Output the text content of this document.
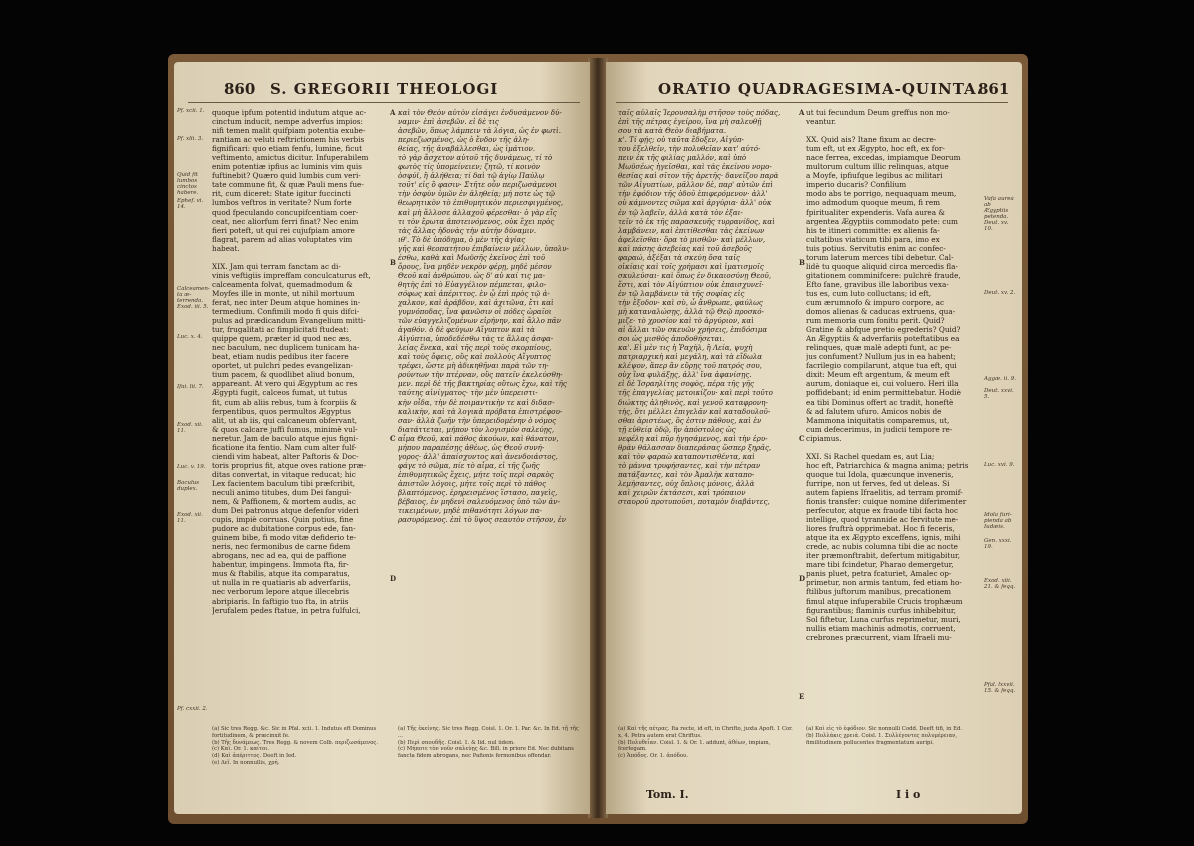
860 S. GREGORII THEOLOGI
Pf. xcii. 1.
Pf. xlii. 3.
Quid fit lumbos cinctos habere.
Ephef. vi. 14.
Calceamenta æterrenda.
Exod. iii. 5.
Luc. x. 4.
Ifai. lii. 7.
Exod. xii. 11.
Luc. v. 19.
Baculus duplex.
Exod. xii. 11.
Pf. cxxii. 2.
A
B
C
D
quoque ipfum potentid indutum atque ac-
cinctum inducit, nempe adverfus impios:
nifi temen malit quifpiam potentia exube-
rantiam ac veluti reftrictionem his verbis
fignificari: quo etiam fenfu, lumine, ficut
veftimento, amictus dicitur. Infuperabilem
enim potentiæ ipfius ac luminis vim quis
fuftinebit? Quæro quid lumbis cum veri-
tate commune fit, & quæ Pauli mens fue-
rit, cum diceret: State igitur fuccincti
lumbos veftros in veritate? Num forte
quod fpeculando concupifcentiam coer-
ceat, nec aliorfum ferri finat? Nec enim
fieri poteft, ut qui rei cujufpiam amore
flagrat, parem ad alias voluptates vim
habeat.
XIX. Jam qui terram fanctam ac di-
vinis veftigiis impreffam conculcaturus eft,
calceamenta folvat, quemadmodum &
Moyfes ille in monte, ut nihil mortuum
ferat, nec inter Deum atque homines in-
termedium. Confimili modo fi quis difci-
pulus ad prædicandum Evangelium mitti-
tur, frugalitati ac fimplicitati ftudeat:
quippe quem, præter id quod nec æs,
nec baculum, nec duplicem tunicam ha-
beat, etiam nudis pedibus iter facere
oportet, ut pulchri pedes evangelizan-
tium pacem, & quodlibet aliud bonum,
appareant. At vero qui Ægyptum ac res
Ægypti fugit, calceos fumat, ut tutus
fit, cum ab aliis rebus, tum à fcorpiis &
ferpentibus, quos permultos Ægyptus
alit, ut ab iis, qui calcaneum obfervant,
& quos calcare juffi fumus, minimè vul-
neretur. Jam de baculo atque ejus figni-
ficatione ita fentio. Nam cum alter fulf-
ciendi vim habeat, alter Paftoris & Doc-
toris proprius fit, atque oves ratione præ-
ditas convertat, in vitaque reducat; hic
Lex facientem baculum tibi præfcribit,
neculi animo titubes, dum Dei fanguì-
nem, & Paffionem, & mortem audis, ac
dum Dei patronus atque defenfor videri
cupis, impiè corruas. Quin potius, fine
pudore ac dubitatione corpus ede, fan-
guinem bibe, fi modo vitæ defiderio te-
neris, nec fermonibus de carne fidem
abrogans, nec ad ea, qui de paffione
habentur, impingens. Immota fta, fir-
mus & ftabilis, atque ita comparatus,
ut nulla in re quatiaris ab adverfariis,
nec verborum lepore atque illecebris
abripiaris. In faftigio tuo fta, in atriis
Jerufalem pedes ftatue, in petra fulfulci,
καὶ τὸν Θεὸν αὐτὸν εἰσάγει ἐνδυσάμενον δύ-
ναμιν· ἐπὶ ἀσεβῶν. εἰ δὲ τις
ἀσεβῶν, ὅπως λάμπειν τὰ λόγια, ὡς ἐν φωτὶ.
περιεζωσμένος, ὡς ὁ ἔνδον τῆς ἀλη-
θείας, τῆς ἀναβάλλεσθαι, ὡς ἱμάτιον.
τὸ γὰρ ἄσχετον αὐτοῦ τῆς δυνάμεως, τί τὸ
φωτὸς τίς ὑπομείνειεν; ζητῶ, τί κοινὸν
ὀσφύϊ, ἢ ἀλήθεια; τί δαὶ τῷ ἁγίῳ Παύλῳ
τοῦτ' εἰς ὃ φασιν· Στῆτε οὖν περιζωσάμενοι
τὴν ὀσφὺν ὑμῶν ἐν ἀληθείᾳ; μή ποτε ὡς τῷ
θεωρητικὸν τὸ ἐπιθυμητικὸν περιεσφιγμένος,
καὶ μὴ ἄλλοσε ἀλλαχοῦ φέρεσθαι· ὁ γὰρ εἴς
τι τὸν ἔρωτα ἀποτεινόμενος, οὐκ ἔχει πρὸς
τὰς ἄλλας ἡδονὰς τὴν αὐτὴν δύναμιν.
ιθ'. Τὸ δὲ ὑπόδημα, ὁ μὲν τῆς ἁγίας
γῆς καὶ θεοπατήτου ἐπιβαίνειν μέλλων, ὑπολυ-
έσθω, καθὰ καὶ Μωϋσῆς ἐκεῖνος ἐπὶ τοῦ
ὄρους, ἵνα μηδὲν νεκρὸν φέρῃ, μηδὲ μέσον
Θεοῦ καὶ ἀνθρώπου. ὡς δ' αὐ καί τις μα-
θητὴς ἐπὶ τὸ Εὐαγγέλιον πέμπεται, φιλο-
σόφως καὶ ἀπέριττος. ἐν ᾧ ἐπὶ πρὸς τῷ ἀ-
χαλκον, καὶ ἀράβδον, καὶ ἀχιτῶνα, ἔτι καὶ
γυμνόποδας, ἵνα φανῶσιν οἱ πόδες ὡραῖοι
τῶν εὐαγγελιζομένων εἰρήνην, καὶ ἄλλο πᾶν
ἀγαθόν. ὁ δὲ φεύγων Αἴγυπτον καὶ τὰ
Αἰγύπτια, ὑποδεδέσθω τὰς τε ἄλλας ἀσφα-
λείας ἕνεκα, καὶ τῆς περὶ τοὺς σκορπίους,
καὶ τοὺς ὄφεις, οὓς καὶ πολλοὺς Αἴγυπτος
τρέφει, ὥστε μὴ ἀδικηθῆναι παρὰ τῶν τη-
ρούντων τὴν πτέρναν, οὓς πατεῖν ἐκελεύσθη-
μεν. περὶ δὲ τῆς βακτηρίας οὕτως ἔχω, καὶ τῆς
ταύτης αἰνίγματος· τὴν μὲν ὑπερειστι-
κὴν οἶδα, τὴν δὲ ποιμαντικὴν τε καὶ διδασ-
καλικὴν, καὶ τὰ λογικὰ πρόβατα ἐπιστρέφου-
σαν· ἀλλὰ ζωῆν τὴν ὑπερειδομένην ὁ νόμος
διατάττεται, μήπον τὸν λογισμὸν σαλεύῃς,
αἷμα Θεοῦ, καὶ πάθος ἀκούων, καὶ θάνατον,
μήπου παραπέσῃς ἀθέως, ὡς Θεοῦ συνή-
γορος· ἀλλ' ἀπαίσχυντος καὶ ἀνενδοιάστος,
φάγε τὸ σῶμα, πίε τὸ αἷμα, εἰ τῆς ζωῆς
ἐπιθυμητικῶς ἔχεις, μήτε τοῖς περὶ σαρκὸς
ἀπιστῶν λόγοις, μήτε τοῖς περὶ τὸ πάθος
βλαπτόμενος. ἐρηρεισμένος ἵστασο, παγεὶς,
βέβαιος, ἐν μηδενὶ σαλευόμενος ὑπὸ τῶν ἀν-
τικειμένων, μηδὲ πιθανότητι λόγων πα-
ρασυρόμενος. ἐπὶ τὸ ὕψος σεαυτὸν στῆσον, ἐν
(a) Sic tres Regg. &c. Sic in Pfal. xcii. 1. Indutus eft Dominus fortitudinem, & præcinxit fe.
(b) Τῆς δυνάμεως. Tres Regg. & novem Colb. περιζωσάμενος.
(c) Καὶ. Or. 1. καίτοι.
(d) Καὶ ἀπέριττος. Deeft in Ied.
(e) Δεῖ. In nonnullis, χρή.
(a) Τῆς ἐκείνης. Sic tres Regg. Coisl. 1. Or. 1. Par. &c. In Ed. τῇ τῆς ...
(b) Περὶ σπουδῆς. Coisl. 1. & Iid. nul iidem.
(c) Μήποτε τὸν νοῦν σαλεύῃς &c. Bill. in priore Ed. Nec dubitans fancta fidem abrogans, nec Pafionis fermonibus offendar.
ORATIO QUADRAGESIMA-QUINTA.
861
A
B
C
D
E
ταῖς αὐλαῖς Ἱερουσαλὴμ στῆσον τοὺς πόδας,
ἐπὶ τῆς πέτρας ἐγείρου, ἵνα μὴ σαλευθῇ
σου τὰ κατὰ Θεὸν διαβήματα.
κ'. Τί φῄς; οὐ ταῦτα ἔδοξεν, Αἰγύπ-
του ἐξελθεῖν, τὴν πολυθεῖαν κατ' αὐτό-
πειν ἐκ τῆς φιλίας μαλλόν, καὶ ὑπὸ
Μωϋσέως ἡγεῖσθαι, καὶ τὰς ἐκείνου νομο-
θεσίας καὶ σῖτον τῆς ἀρετῆς· δανεῖζου παρὰ
τῶν Αἰγυπτίων, μᾶλλον δὲ, παρ' αὐτῶν ἐπὶ
τὴν ἐφόδιον τῆς ὁδοῦ ἐπιφερόμενον· ἀλλ'
οὐ κάμνοντες σῶμα καὶ ἀργύρια· ἀλλ' οὐκ
ἐν τῷ λαβεῖν, ἀλλὰ κατὰ τὸν ἐξαι-
τεῖν τὸ ἐκ τῆς παρασκευῆς τυρρανίδος, καὶ
λαμβάνειν, καὶ ἐπιτίθεσθαι τὰς ἐκείνων
ἀφελεῖσθαι· ὅρα τὸ μισθῶν· καὶ μέλλων,
καὶ πάσης ἀσεβείας καὶ τοῦ ἀσεβοῦς
φαραώ, ἀξέξαι τὰ σκεύη ὅσα ταῖς
οἰκίαις καὶ τοῖς χρήμασι καὶ ἱματισμοῖς
σκυλεύσαι· καὶ ὄπως ἐν δικαιοσύνῃ Θεοῦ,
ἔστι, καὶ τὸν Αἰγύπτιον οὐκ ἐπαισχυνεῖ·
ἐν τῷ λαμβάνειν τὰ τῆς σοφίας εἰς
τὴν ἔξοδον· καὶ σὺ, ὦ ἄνθρωπε, φαύλως
μὴ καταναλώσῃς, ἀλλὰ τῷ Θεῷ προσκό-
μιζε· τὸ χρυσίον καὶ τὸ ἀργύριον, καὶ
αἱ ἄλλαι τῶν σκευῶν χρήσεις, ἐπιδόσιμα
σοι ὡς μισθὸς ἀποδοθήσεται.
κα'. Εἰ μὲν τις ἡ Ῥαχὴλ, ἢ Λεία, ψυχὴ
πατριαρχικὴ καὶ μεγάλη, καὶ τὰ εἴδωλα
κλέψον, ἅπερ ἂν εὕρῃς τοῦ πατρός σου,
οὐχ ἵνα φυλάξῃς, ἀλλ' ἵνα ἀφανίσῃς.
εἰ δὲ Ἰσραηλίτης σοφὸς, πέρα τῆς γῆς
τῆς ἐπαγγελίας μετοικίζου· καὶ περὶ τοῦτο
διώκτης ἀληθινὸς, καὶ γενοῦ καταφρονη-
τὴς, ὅτι μέλλει ἐπιγελᾶν καὶ καταδουλοῦ-
σθαι ἀριστέως, ὃς ἐστιν πάθους, καὶ ἐν
τῇ εὐθείᾳ ὁδῷ, ἣν ἀπόστολος ὡς
νεφέλη καὶ πῦρ ἡγησάμενος, καὶ τὴν ἐρυ-
θρὰν θάλασσαν διαπεράσας ὥσπερ ξηρᾶς,
καὶ τὸν φαραὼ καταποντισθέντα, καὶ
τὸ μάννα τρυφήσαντες, καὶ τὴν πέτραν
πατάξαντες, καὶ τὸν Ἀμαλὴκ καταπο-
λεμήσαντες, οὐχ ὅπλοις μόνοις, ἀλλὰ
καὶ χειρῶν ἐκτάσεσι, καὶ τρόπαιον
σταυροῦ προτυποῦσι, ποταμὸν διαβάντες,
ut tui fecundum Deum greffus non mo-
veantur.
XX. Quid ais? Itane fixum ac decre-
tum eft, ut ex Ægypto, hoc eft, ex for-
nace ferrea, excedas, impiamque Deorum
multorum cultum illic relinquas, atque
a Moyfe, ipfiufque legibus ac militari
imperio ducaris? Confilium
modo abs te porrigo, nequaquam meum,
imo admodum quoque meum, fi rem
fpiritualiter expenderis. Vafa aurea &
argentea Ægyptiis commodato pete: cum
his te itineri committe: ex alienis fa-
cultatibus viaticum tibi para, imo ex
tuis potius. Servitutis enim ac confec-
torum laterum merces tibi debetur. Cal-
lidè tu quoque aliquid circa mercedis fla-
gitationem comminifcere: pulchrè fraude,
Efto fane, gravibus ille laboribus vexa-
tus es, cum luto colluctans; id eft,
cum ærumnofo & impuro corpore, ac
domos alienas & caducas extruens, qua-
rum memoria cum fonitu perit. Quid?
Gratine & abfque pretio egrederis? Quid?
An Ægyptiis & adverfariis poteftatibus ea
relinques, quæ malè adepti funt, ac pe-
jus confument? Nullum jus in ea habent;
facrilegio compilarunt, atque tua eft, qui
dixit: Meum eft argentum, & meum eft
aurum, doniaque ei, cui voluero. Heri illa
poffidebant; id enim permittebatur. Hodiè
ea tibi Dominus offert ac tradit, honeftè
& ad falutem ufuro. Amicos nobis de
Mammona iniquitatis comparemus, ut,
cum defecerimus, in judicii tempore re-
cipiamus.
XXI. Si Rachel quedam es, aut Lia;
hoc eft, Patriarchica & magna anima; petris
quoque tui Idola, quæcunque inveneris,
furripe, non ut ferves, fed ut deleas. Si
autem fapiens Ifraelitis, ad terram promif-
fionis transfer: cuique nomine diferimenter
perfecutor, atque ex fraude tibi facta hoc
intellige, quod tyrannide ac fervitute me-
liores fruftrà opprimebat. Hoc fi feceris,
atque ita ex Ægypto exceffens, ignis, mihi
crede, ac nubis columna tibi die ac nocte
iter præmonftrabit, defertum mitigabitur,
mare tibi fcindetur, Pharao demergetur,
panis pluet, petra fcaturiet, Amalec op-
primetur, non armis tantum, fed etiam ho-
ftilibus juftorum manibus, precationem
fimul atque infuperabile Crucis trophæum
figurantibus; flaminis curfus inhibebitur,
Sol fiftetur, Luna curfus reprimetur, muri,
nullis etiam machinis admotis, corruent,
crebrones præcurrent, viam Ifraeli mu-
Vafa aurea ab Ægyptiis petenda.
Deut. xv. 10.
Deut. xv. 2.
Aggæ. ii. 9.
Deut. xxvi. 5.
Luc. xvi. 9.
Idola furipienda ab Iudæis.
Gen. xxxi. 19.
Exod. xiii. 21. & feqq.
Pfal. lxxvii. 15. & feqq.
(a) Καὶ τῆς πέτρας. Ita recte, id eft, in Chrifto, juxta Apoft. 1 Cor. x. 4. Petra autem erat Chriftus.
(b) Πολυθεΐαν. Coisl. 1. & Or. 1. addunt, ἀθέων, impiam, fcerlegam.
(c) Ἀπόδος. Or. 1. ἀπόδου.
(a) Καὶ εἰς τὸ ἐφόδιον. Sic nonnulli Codd. Deeft tifi, in Ed.
(b) Πολλάκις χρειά. Coisl. 1. Συλλέγοντες πολυμέρειαν, fimilitudinem pollucentes fragmentatum auripi.
Tom. I.	I i o
